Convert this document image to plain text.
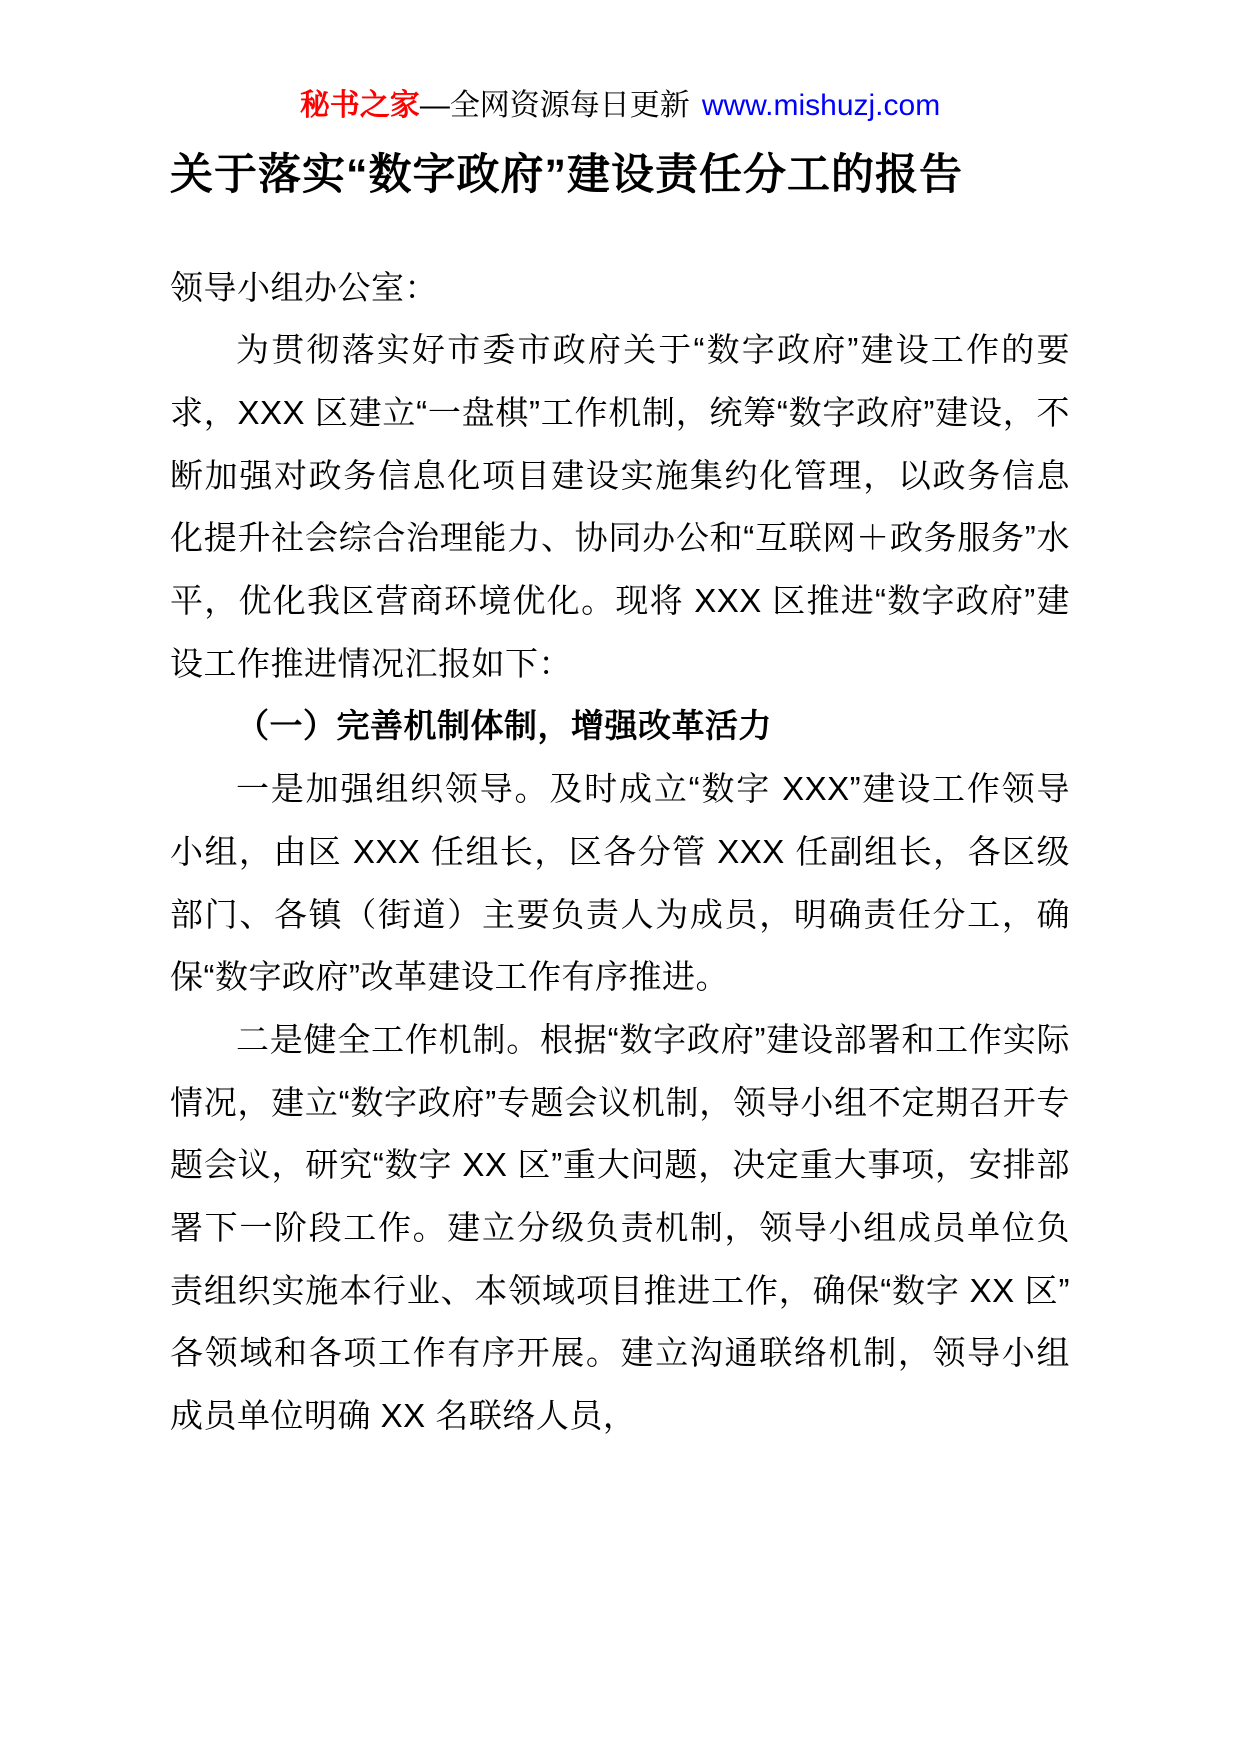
秘书之家—全网资源每日更新 www.mishuzj.com
关于落实“数字政府”建设责任分工的报告

领导小组办公室：

为贯彻落实好市委市政府关于“数字政府”建设工作的要求，XXX 区建立“一盘棋”工作机制，统筹“数字政府”建设，不断加强对政务信息化项目建设实施集约化管理，以政务信息化提升社会综合治理能力、协同办公和“互联网＋政务服务”水平，优化我区营商环境优化。现将 XXX 区推进“数字政府”建设工作推进情况汇报如下：

（一）完善机制体制，增强改革活力

一是加强组织领导。及时成立“数字 XXX”建设工作领导小组，由区 XXX 任组长，区各分管 XXX 任副组长，各区级部门、各镇（街道）主要负责人为成员，明确责任分工，确保“数字政府”改革建设工作有序推进。

二是健全工作机制。根据“数字政府”建设部署和工作实际情况，建立“数字政府”专题会议机制，领导小组不定期召开专题会议，研究“数字 XX 区”重大问题，决定重大事项，安排部署下一阶段工作。建立分级负责机制，领导小组成员单位负责组织实施本行业、本领域项目推进工作，确保“数字 XX 区”各领域和各项工作有序开展。建立沟通联络机制，领导小组成员单位明确 XX 名联络人员，
